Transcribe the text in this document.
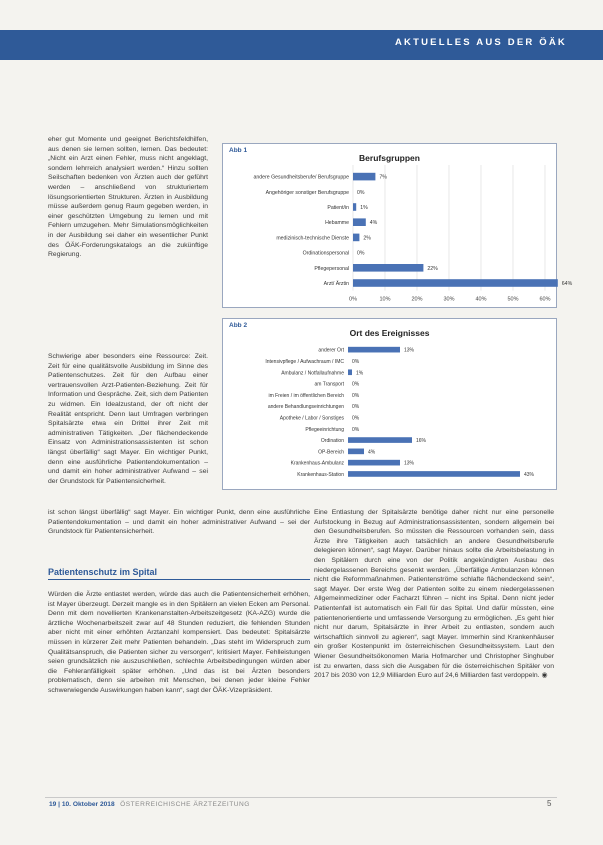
AKTUELLES AUS DER ÖÄK

eher gut Momente und geeignet Berichtsfeldhilfen, aus denen sie lernen sollten, lernen. Das bedeutet: „Nicht ein Arzt einen Fehler, muss nicht angeklagt, sondern lehrreich analysiert werden.“ Hinzu sollten Seilschaften bedenken von Ärzten auch der geführt werden – anschließend von strukturiertem lösungsorientierten Strukturen. Ärzten in Ausbildung müsse außerdem genug Raum gegeben werden, in einer geschützten Umgebung zu lernen und mit Fehlern umzugehen. Mehr Simulationsmöglichkeiten in der Ausbildung sei daher ein wesentlicher Punkt des ÖÄK-Forderungskatalogs an die zukünftige Regierung.

Schwierige aber besonders eine Ressource: Zeit. Zeit für eine qualitätsvolle Ausbildung im Sinne des Patientenschutzes. Zeit für den Aufbau einer vertrauensvollen Arzt-Patienten-Beziehung. Zeit für Information und Gespräche. Zeit, sich dem Patienten zu widmen. Ein Idealzustand, der oft nicht der Realität entspricht. Denn laut Umfragen verbringen Spitalsärzte etwa ein Drittel ihrer Zeit mit administrativen Tätigkeiten. „Der flächendeckende Einsatz von Administrationsassistenten ist schon längst überfällig“ sagt Mayer. Ein wichtiger Punkt, denn eine ausführliche Patientendokumentation – und damit ein hoher administrativer Aufwand – sei der Grundstock für Patientensicherheit.

ist schon längst überfällig“ sagt Mayer. Ein wichtiger Punkt, denn eine ausführliche Patientendokumentation – und damit ein hoher administrativer Aufwand – sei der Grundstock für Patientensicherheit.

Abb 1
Berufsgruppen
0%	10%	20%	30%	40%	50%	60%
andere Gesundheitsberufe/ Berufsgruppe	7%
Angehöriger sonstiger Berufsgruppe 0%
Patient/in 1%
Hebamme	4%
medizinisch-technische Dienste	2%
Ordinationspersonal 0%
Pflegepersonal	22%
Arzt/ Ärztin	64%
Abb 2
Ort des Ereignisses
anderer Ort	13%
Intensivpflege / Aufwachraum / IMC 0%
Ambulanz / Notfallaufnahme 1%
am Transport 0%
im Freien / im öffentlichen Bereich 0%
andere Behandlungseinrichtungen 0%
Apotheke / Labor / Sonstiges 0%
Pflegeeinrichtung 0%
Ordination	16%
OP-Bereich	4%
Krankenhaus-Ambulanz	13%
Krankenhaus-Station	43%
Patientenschutz im Spital

Würden die Ärzte entlastet werden, würde das auch die Patientensicherheit erhöhen, ist Mayer überzeugt. Derzeit mangle es in den Spitälern an vielen Ecken am Personal. Denn mit dem novellierten Krankenanstalten-Arbeitszeitgesetz (KA-AZG) wurde die ärztliche Wochenarbeitszeit zwar auf 48 Stunden reduziert, die fehlenden Stunden aber nicht mit einer erhöhten Arztanzahl kompensiert. Das bedeutet: Spitalsärzte müssen in kürzerer Zeit mehr Patienten behandeln. „Das steht im Widerspruch zum Qualitätsanspruch, die Patienten sicher zu versorgen“, kritisiert Mayer. Fehlleistungen seien grundsätzlich nie auszuschließen, schlechte Arbeitsbedingungen würden aber die Fehleranfälligkeit später erhöhen. „Und das ist bei Ärzten besonders problematisch, denn sie arbeiten mit Menschen, bei denen jeder kleine Fehler schwerwiegende Auswirkungen haben kann“, sagt der ÖÄK-Vizepräsident.

Eine Entlastung der Spitalsärzte benötige daher nicht nur eine personelle Aufstockung in Bezug auf Administrationsassistenten, sondern allgemein bei den Gesundheitsberufen. So müssten die Ressourcen vorhanden sein, dass Ärzte ihre Tätigkeiten auch tatsächlich an andere Gesundheitsberufe delegieren können“, sagt Mayer. Darüber hinaus sollte die Arbeitsbelastung in den Spitälern durch eine von der Politik angekündigten Ausbau des niedergelassenen Bereichs gesenkt werden. „Überfällige Ambulanzen können nicht die Reformmaßnahmen. Patientenströme schlafte flächendeckend sein“, sagt Mayer. Der erste Weg der Patienten sollte zu einem niedergelassenen Allgemeinmediziner oder Facharzt führen – nicht ins Spital. Denn nicht jeder Patientenfall ist automatisch ein Fall für das Spital. Und dafür müssten, eine patientenorientierte und umfassende Versorgung zu ermöglichen. „Es geht hier nicht nur darum, Spitalsärzte in ihrer Arbeit zu entlasten, sondern auch wirtschaftlich sinnvoll zu agieren“, sagt Mayer. Immerhin sind Krankenhäuser ein großer Kostenpunkt im österreichischen Gesundheitssystem. Laut den Wiener Gesundheitsökonomen Maria Hofmarcher und Christopher Singhuber ist zu erwarten, dass sich die Ausgaben für die österreichischen Spitäler von 2017 bis 2030 von 12,9 Milliarden Euro auf 24,6 Milliarden fast verdoppeln. ◉

19 | 10. Oktober 2018 ÖSTERREICHISCHE ÄRZTEZEITUNG	5
